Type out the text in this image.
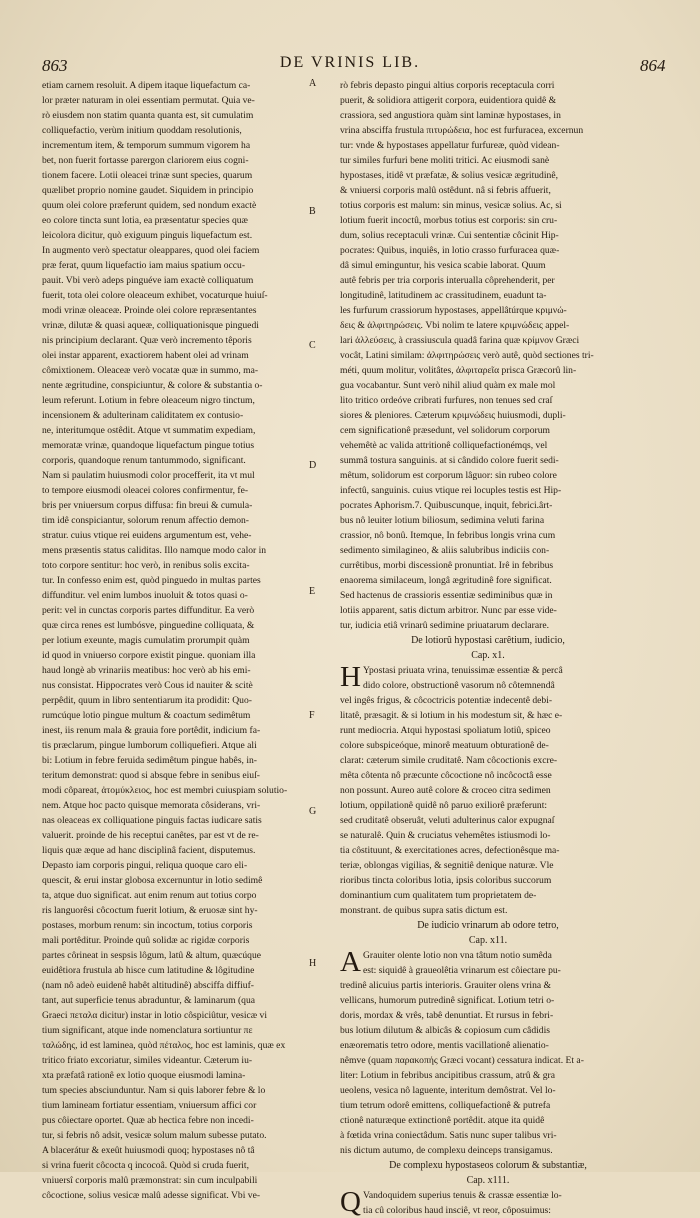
863	DE VRINIS LIB.	864
etiam carnem resoluit. A dipem itaque liquefactum ca-
lor præter naturam in olei essentiam permutat. Quia ve-
rò eiusdem non statim quanta quanta est, sit cumulatim
colliquefactio, verùm initium quoddam resolutionis,
incrementum item, & temporum summum vigorem ha
bet, non fuerit fortasse parergon clariorem eius cogni-
tionem facere. Lotii oleacei trinæ sunt species, quarum
quælibet proprio nomine gaudet. Siquidem in principio
quum olei colore præferunt quidem, sed nondum exactè
eo colore tincta sunt lotia, ea præsentatur species quæ
leicolora dicitur, quò exiguum pinguis liquefactum est.
In augmento verò spectatur oleappares, quod olei faciem
præ ferat, quum liquefactio iam maius spatium occu-
pauit. Vbi verò adeps pinguéve iam exactè colliquatum
fuerit, tota olei colore oleaceum exhibet, vocaturque huiuſ-
modi vrinæ oleaceæ. Proinde olei colore repræsentantes
vrinæ, dilutæ & quasi aqueæ, colliquationisque pinguedi
nis principium declarant. Quæ verò incremento têporis
olei instar apparent, exactiorem habent olei ad vrinam
cômixtionem. Oleaceæ verò vocatæ quæ in summo, ma-
nente ægritudine, conspiciuntur, & colore & substantia o-
leum referunt. Lotium in febre oleaceum nigro tinctum,
incensionem & adulterinam caliditatem ex contusio-
ne, interitumque ostêdit. Atque vt summatim expediam,
memoratæ vrinæ, quandoque liquefactum pingue totius
corporis, quandoque renum tantummodo, significant.
Nam si paulatim huiusmodi color procefferit, ita vt mul
to tempore eiusmodi oleacei colores confirmentur, fe-
bris per vniuersum corpus diffusa: fin breui & cumula-
tim idê conspiciantur, solorum renum affectio demon-
stratur. cuius vtique rei euidens argumentum est, vehe-
mens præsentis status caliditas. Illo namque modo calor in
toto corpore sentitur: hoc verò, in renibus solis excita-
tur. In confesso enim est, quòd pinguedo in multas partes
diffunditur. vel enim lumbos inuoluit & totos quasi o-
perit: vel in cunctas corporis partes diffunditur. Ea verò
quæ circa renes est lumbósve, pinguedine colliquata, &
per lotium exeunte, magis cumulatim prorumpit quàm
id quod in vniuerso corpore existit pingue. quoniam illa
haud longè ab vrinariis meatibus: hoc verò ab his emi-
nus consistat. Hippocrates verò Cous id nauiter & scitè
perpêdit, quum in libro sententiarum ita prodidit: Quo-
rumcúque lotio pingue multum & coactum sedimêtum
inest, iis renum mala & grauia fore portêdit, indicium fa-
tis præclarum, pingue lumborum colliquefieri. Atque ali
bi: Lotium in febre feruida sedimêtum pingue habês, in-
teritum demonstrat: quod si absque febre in senibus eiuſ-
modi côpareat, ἀτομύκλειος, hoc est membri cuiuspiam solutio-
nem. Atque hoc pacto quisque memorata côsiderans, vri-
nas oleaceas ex colliquatione pinguis factas iudicare satis
valuerit. proinde de his receptui canêtes, par est vt de re-
liquis quæ æque ad hanc disciplinâ facient, disputemus.
Depasto iam corporis pingui, reliqua quoque caro eli-
quescit, & erui instar globosa excernuntur in lotio sedimê
ta, atque duo significat. aut enim renum aut totius corpo
ris languorêsi côcoctum fuerit lotium, & eruosæ sint hy-
postases, morbum renum: sin incoctum, totius corporis
mali portêditur. Proinde quû solidæ ac rigidæ corporis
partes côrineat in sespsis lôgum, latû & altum, quæcúque
euidêtiora frustula ab hisce cum latitudine & lôgitudine
(nam nô adeò euidenê habêt altitudinê) absciffa diffiuf-
tant, aut superficie tenus abraduntur, & laminarum (qua
Graeci πεταλα dicitur) instar in lotio côspiciûtur, vesicæ vi
tium significant, atque inde nomenclatura sortiuntur πε
ταλώδης, id est laminea, quòd πέταλος, hoc est laminis, quæ ex
tritico friato excoriatur, similes videantur. Cæterum iu-
xta præfatâ rationê ex lotio quoque eiusmodi lamina-
tum species absciunduntur. Nam si quis laborer febre & lo
tium lamineam fortiatur essentiam, vniuersum affici cor
pus côiectare oportet. Quæ ab hectica febre non incedi-
tur, si febris nô adsit, vesicæ solum malum subesse putato.
A blacerátur & exeût huiusmodi quoq; hypostases nô tâ
si vrina fuerit côcocta q incocoâ. Quòd si cruda fuerit,
vniuersî corporis malû præmonstrat: sin cum inculpabili
côcoctione, solius vesicæ malû adesse significat. Vbi ve-
A
B
C
D
E
F
G
H
rò febris depasto pingui altius corporis receptacula corri
puerit, & solidiora attigerit corpora, euidentiora quidê &
crassiora, sed angustiora quàm sint laminæ hypostases, in
vrina absciffa frustula πιτυρώδεια, hoc est furfuracea, excernun
tur: vnde & hypostases appellatur furfureæ, quòd videan-
tur similes furfuri bene moliti tritici. Ac eiusmodi sanè
hypostases, itidê vt præfatæ, & solius vesicæ ægritudinê,
& vniuersi corporis malû ostêdunt. nâ si febris affuerit,
totius corporis est malum: sin minus, vesicæ solius. Ac, si
lotium fuerit incoctû, morbus totius est corporis: sin cru-
dum, solius receptaculi vrinæ. Cui sententiæ côcinit Hip-
pocrates: Quibus, inquiês, in lotio crasso furfuracea quæ-
dâ simul eminguntur, his vesica scabie laborat. Quum
autê febris per tria corporis interualla côprehenderit, per
longitudinê, latitudinem ac crassitudinem, euadunt ta-
les furfurum crassiorum hypostases, appellâtúrque κριμνώ-
δεις & ἀλφιτηρώσεις. Vbi nolim te latere κριμνώδεις appel-
lari ἀλλεύσεις, à crassiuscula quadâ farina quæ κρίμνον Græci
vocât, Latini similam: ἀλφιτηρώσεις verò autê, quòd sectiones tri-
méti, quum molitur, volitâtes, ἀλφιταρεῖα prisca Græcorû lin-
gua vocabantur. Sunt verò nihil aliud quàm ex male mol
lito tritico ordeóve cribrati furfures, non tenues sed craſ
siores & pleniores. Cæterum κριμνώδεις huiusmodi, dupli-
cem significationê præsedunt, vel solidorum corporum
vehemêtè ac valida attritionê colliquefactionémqs, vel
summâ tostura sanguinis. at si cândido colore fuerit sedi-
mêtum, solidorum est corporum lâguor: sin rubeo colore
infectû, sanguinis. cuius vtique rei locuples testis est Hip-
pocrates Aphorism.7. Quibuscunque, inquit, febrici.ârt-
bus nô leuiter lotium biliosum, sedimina veluti farina
crassior, nô bonû. Itemque, In febribus longis vrina cum
sedimento similagineo, & aliis salubribus indiciis con-
currêtibus, morbi discessionê pronuntiat. Irê in febribus
enaorema similaceum, longâ ægritudinê fore significat.
Sed hactenus de crassioris essentiæ sediminibus quæ in
lotiis apparent, satis dictum arbitror. Nunc par esse vide-
tur, iudicia etiâ vrinarû sedimine priuatarum declarare.
De lotiorû hypostasi carêtium, iudicio,
Cap. x1.
H Ypostasi priuata vrina, tenuissimæ essentiæ & percâ
dido colore, obstructionê vasorum nô côtemnendâ
vel ingês frigus, & côcoctricis potentiæ indecentê debi-
litatê, præsagit. & si lotium in his modestum sit, & hæc e-
runt mediocria. Atqui hypostasi spoliatum lotiû, spiceo
colore subspiceóque, minorê meatuum obturationê de-
clarat: cæterum simile cruditatê. Nam côcoctionis excre-
mêta côtenta nô præcunte côcoctione nô incôcoctâ esse
non possunt. Aureo autê colore & croceo citra sedimen
lotium, oppilationê quidê nô paruo exiliorê præferunt:
sed cruditatê obseruât, veluti adulterinus calor expugnaſ
se naturalê. Quin & cruciatus vehemêtes istiusmodi lo-
tia côstituunt, & exercitationes acres, defectionêsque ma-
teriæ, oblongas vigilias, & segnitiê denique naturæ. Vle
rioribus tincta coloribus lotia, ipsis coloribus succorum
dominantium cum qualitatem tum proprietatem de-
monstrant. de quibus supra satis dictum est.
De iudicio vrinarum ab odore tetro,
Cap. x11.
A Grauiter olente lotio non vna tâtum notio sumêda
est: siquidê à graueolêtia vrinarum est côiectare pu-
tredinê alicuius partis interioris. Grauiter olens vrina &
vellicans, humorum putredinê significat. Lotium tetri o-
doris, mordax & vrês, tabê denuntiat. Et rursus in febri-
bus lotium dilutum & albicâs & copiosum cum câdidis
enæorematis tetro odore, mentis vacillationê alienatio-
nêmve (quam παρακοπής Græci vocant) cessatura indicat. Et a-
liter: Lotium in febribus ancipitibus crassum, atrû & gra
ueolens, vesica nô laguente, interitum demôstrat. Vel lo-
tium tetrum odorê emittens, colliquefactionê & putrefa
ctionê naturæque extinctionê portêdit. atque ita quidê
à fœtida vrina coniectâdum. Satis nunc super talibus vri-
nis dictum autumo, de complexu deinceps transigamus.
De complexu hypostaseos colorum & substantiæ,
Cap. x111.
Q Vandoquidem superius tenuis & crassæ essentiæ lo-
tia cû coloribus haud insciê, vt reor, côposuimus:
